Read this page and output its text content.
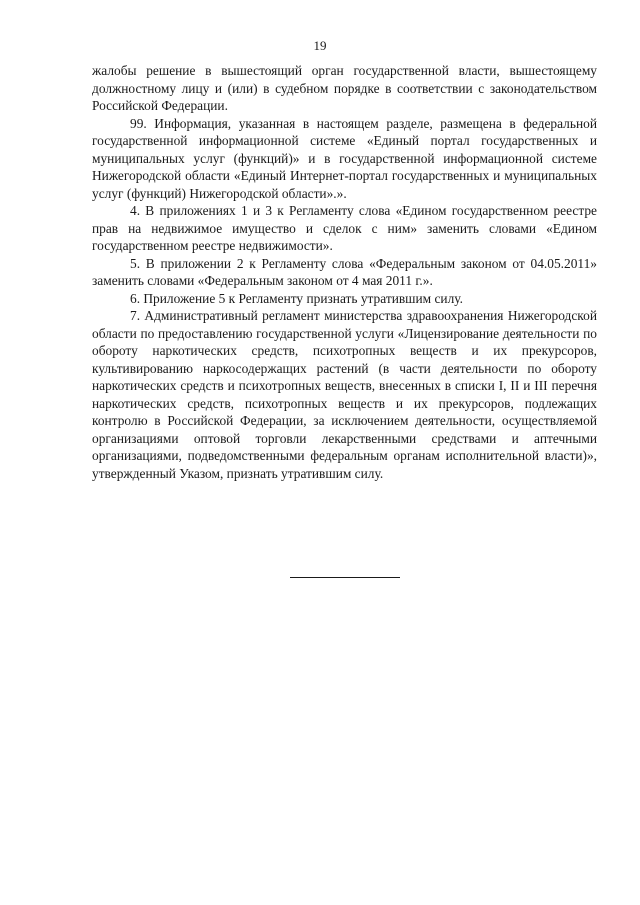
19

жалобы решение в вышестоящий орган государственной власти, вышестоящему должностному лицу и (или) в судебном порядке в соответствии с законодательством Российской Федерации.

99. Информация, указанная в настоящем разделе, размещена в федеральной государственной информационной системе «Единый портал государственных и муниципальных услуг (функций)» и в государственной информационной системе Нижегородской области «Единый Интернет-портал государственных и муниципальных услуг (функций) Нижегородской области».».

4. В приложениях 1 и 3 к Регламенту слова «Едином государственном реестре прав на недвижимое имущество и сделок с ним» заменить словами «Едином государственном реестре недвижимости».

5. В приложении 2 к Регламенту слова «Федеральным законом от 04.05.2011» заменить словами «Федеральным законом от 4 мая 2011 г.».

6. Приложение 5 к Регламенту признать утратившим силу.

7. Административный регламент министерства здравоохранения Нижегородской области по предоставлению государственной услуги «Лицензирование деятельности по обороту наркотических средств, психотропных веществ и их прекурсоров, культивированию наркосодержащих растений (в части деятельности по обороту наркотических средств и психотропных веществ, внесенных в списки I, II и III перечня наркотических средств, психотропных веществ и их прекурсоров, подлежащих контролю в Российской Федерации, за исключением деятельности, осуществляемой организациями оптовой торговли лекарственными средствами и аптечными организациями, подведомственными федеральным органам исполнительной власти)», утвержденный Указом, признать утратившим силу.
